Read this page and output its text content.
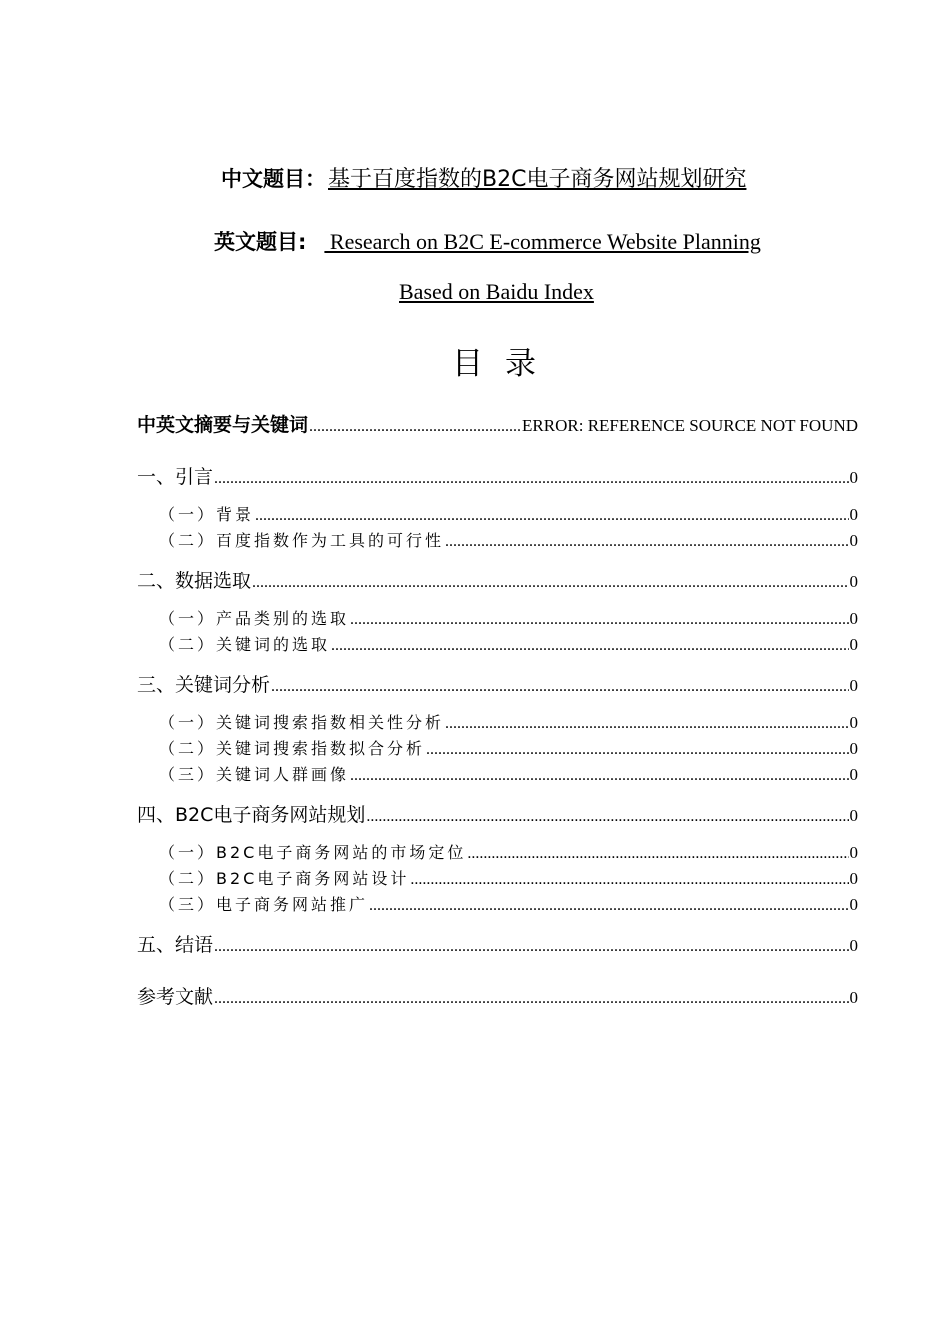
中文题目：基于百度指数的B2C电子商务网站规划研究
英文题目: Research on B2C E-commerce Website Planning
Based on Baidu Index
目录
中英文摘要与关键词 .....	ERROR: REFERENCE SOURCE NOT FOUND
一、引言 .....	0
（一）背景 .....	0
（二）百度指数作为工具的可行性 .....	0
二、数据选取 .....	0
（一）产品类别的选取 .....	0
（二）关键词的选取 .....	0
三、关键词分析 .....	0
（一）关键词搜索指数相关性分析 .....	0
（二）关键词搜索指数拟合分析 .....	0
（三）关键词人群画像 .....	0
四、B2C电子商务网站规划 .....	0
（一）B2C电子商务网站的市场定位 .....	0
（二）B2C电子商务网站设计 .....	0
（三）电子商务网站推广 .....	0
五、结语 .....	0
参考文献 .....	0
